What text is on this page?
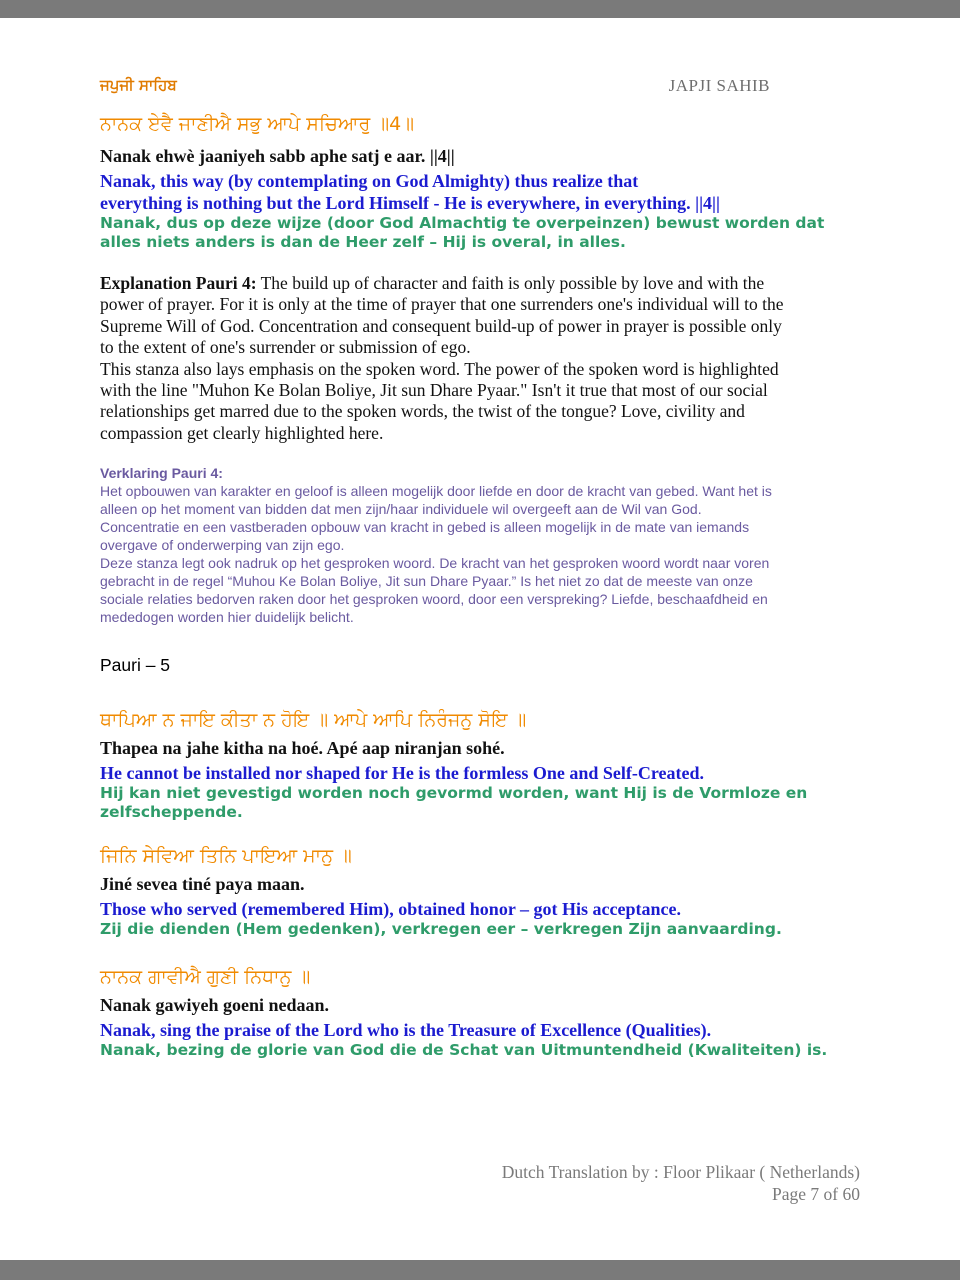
ਜਪੁਜੀ ਸਾਹਿਬ	JAPJI SAHIB

ਨਾਨਕ ਏਵੈ ਜਾਣੀਐ ਸਭੁ ਆਪੇ ਸਚਿਆਰੁ ॥4॥

Nanak ehwè jaaniyeh sabb aphe satj e aar. ||4||

Nanak, this way (by contemplating on God Almighty) thus realize that

everything is nothing but the Lord Himself - He is everywhere, in everything. ||4||

Nanak, dus op deze wijze (door God Almachtig te overpeinzen) bewust worden dat

alles niets anders is dan de Heer zelf – Hij is overal, in alles.

Explanation Pauri 4: The build up of character and faith is only possible by love and with the

power of prayer. For it is only at the time of prayer that one surrenders one's individual will to the

Supreme Will of God. Concentration and consequent build-up of power in prayer is possible only

to the extent of one's surrender or submission of ego.

This stanza also lays emphasis on the spoken word. The power of the spoken word is highlighted

with the line "Muhon Ke Bolan Boliye, Jit sun Dhare Pyaar." Isn't it true that most of our social

relationships get marred due to the spoken words, the twist of the tongue? Love, civility and

compassion get clearly highlighted here.

Verklaring Pauri 4:

Het opbouwen van karakter en geloof is alleen mogelijk door liefde en door de kracht van gebed. Want het is

alleen op het moment van bidden dat men zijn/haar individuele wil overgeeft aan de Wil van God.

Concentratie en een vastberaden opbouw van kracht in gebed is alleen mogelijk in de mate van iemands

overgave of onderwerping van zijn ego.

Deze stanza legt ook nadruk op het gesproken woord. De kracht van het gesproken woord wordt naar voren

gebracht in de regel “Muhou Ke Bolan Boliye, Jit sun Dhare Pyaar.” Is het niet zo dat de meeste van onze

sociale relaties bedorven raken door het gesproken woord, door een verspreking? Liefde, beschaafdheid en

mededogen worden hier duidelijk belicht.

Pauri – 5

ਥਾਪਿਆ ਨ ਜਾਇ ਕੀਤਾ ਨ ਹੋਇ ॥ ਆਪੇ ਆਪਿ ਨਿਰੰਜਨੁ ਸੋਇ ॥

Thapea na jahe kitha na hoé. Apé aap niranjan sohé.

He cannot be installed nor shaped for He is the formless One and Self-Created.

Hij kan niet gevestigd worden noch gevormd worden, want Hij is de Vormloze en

zelfscheppende.

ਜਿਨਿ ਸੇਵਿਆ ਤਿਨਿ ਪਾਇਆ ਮਾਨੁ ॥

Jiné sevea tiné paya maan.

Those who served (remembered Him), obtained honor – got His acceptance.

Zij die dienden (Hem gedenken), verkregen eer – verkregen Zijn aanvaarding.

ਨਾਨਕ ਗਾਵੀਐ ਗੁਣੀ ਨਿਧਾਨੁ ॥

Nanak gawiyeh goeni nedaan.

Nanak, sing the praise of the Lord who is the Treasure of Excellence (Qualities).

Nanak, bezing de glorie van God die de Schat van Uitmuntendheid (Kwaliteiten) is.

Dutch Translation by : Floor Plikaar ( Netherlands)
Page 7 of 60
